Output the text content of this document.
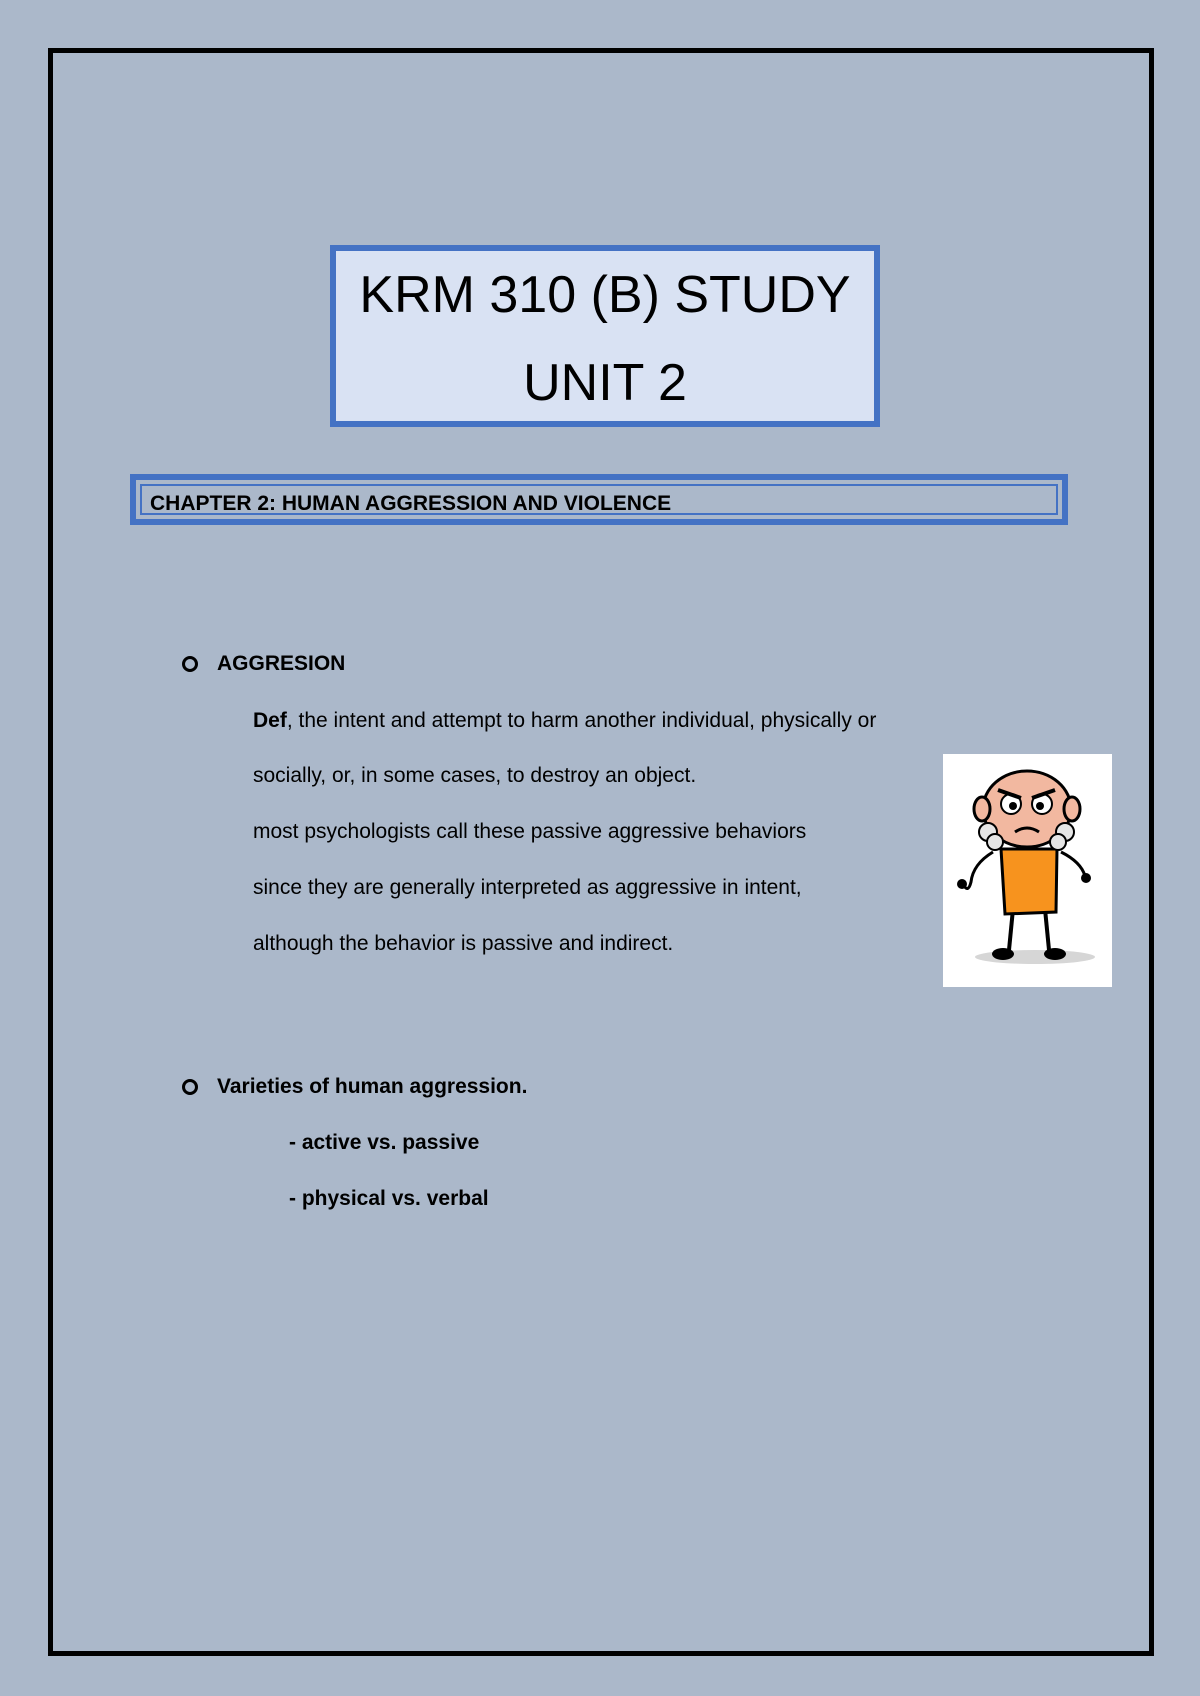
KRM 310 (B) STUDY
UNIT 2
CHAPTER 2: HUMAN AGGRESSION AND VIOLENCE
AGGRESION
Def, the intent and attempt to harm another individual, physically or
socially, or, in some cases, to destroy an object.
most psychologists call these passive aggressive behaviors
since they are generally interpreted as aggressive in intent,
although the behavior is passive and indirect.
Varieties of human aggression.
- active vs. passive
- physical vs. verbal
